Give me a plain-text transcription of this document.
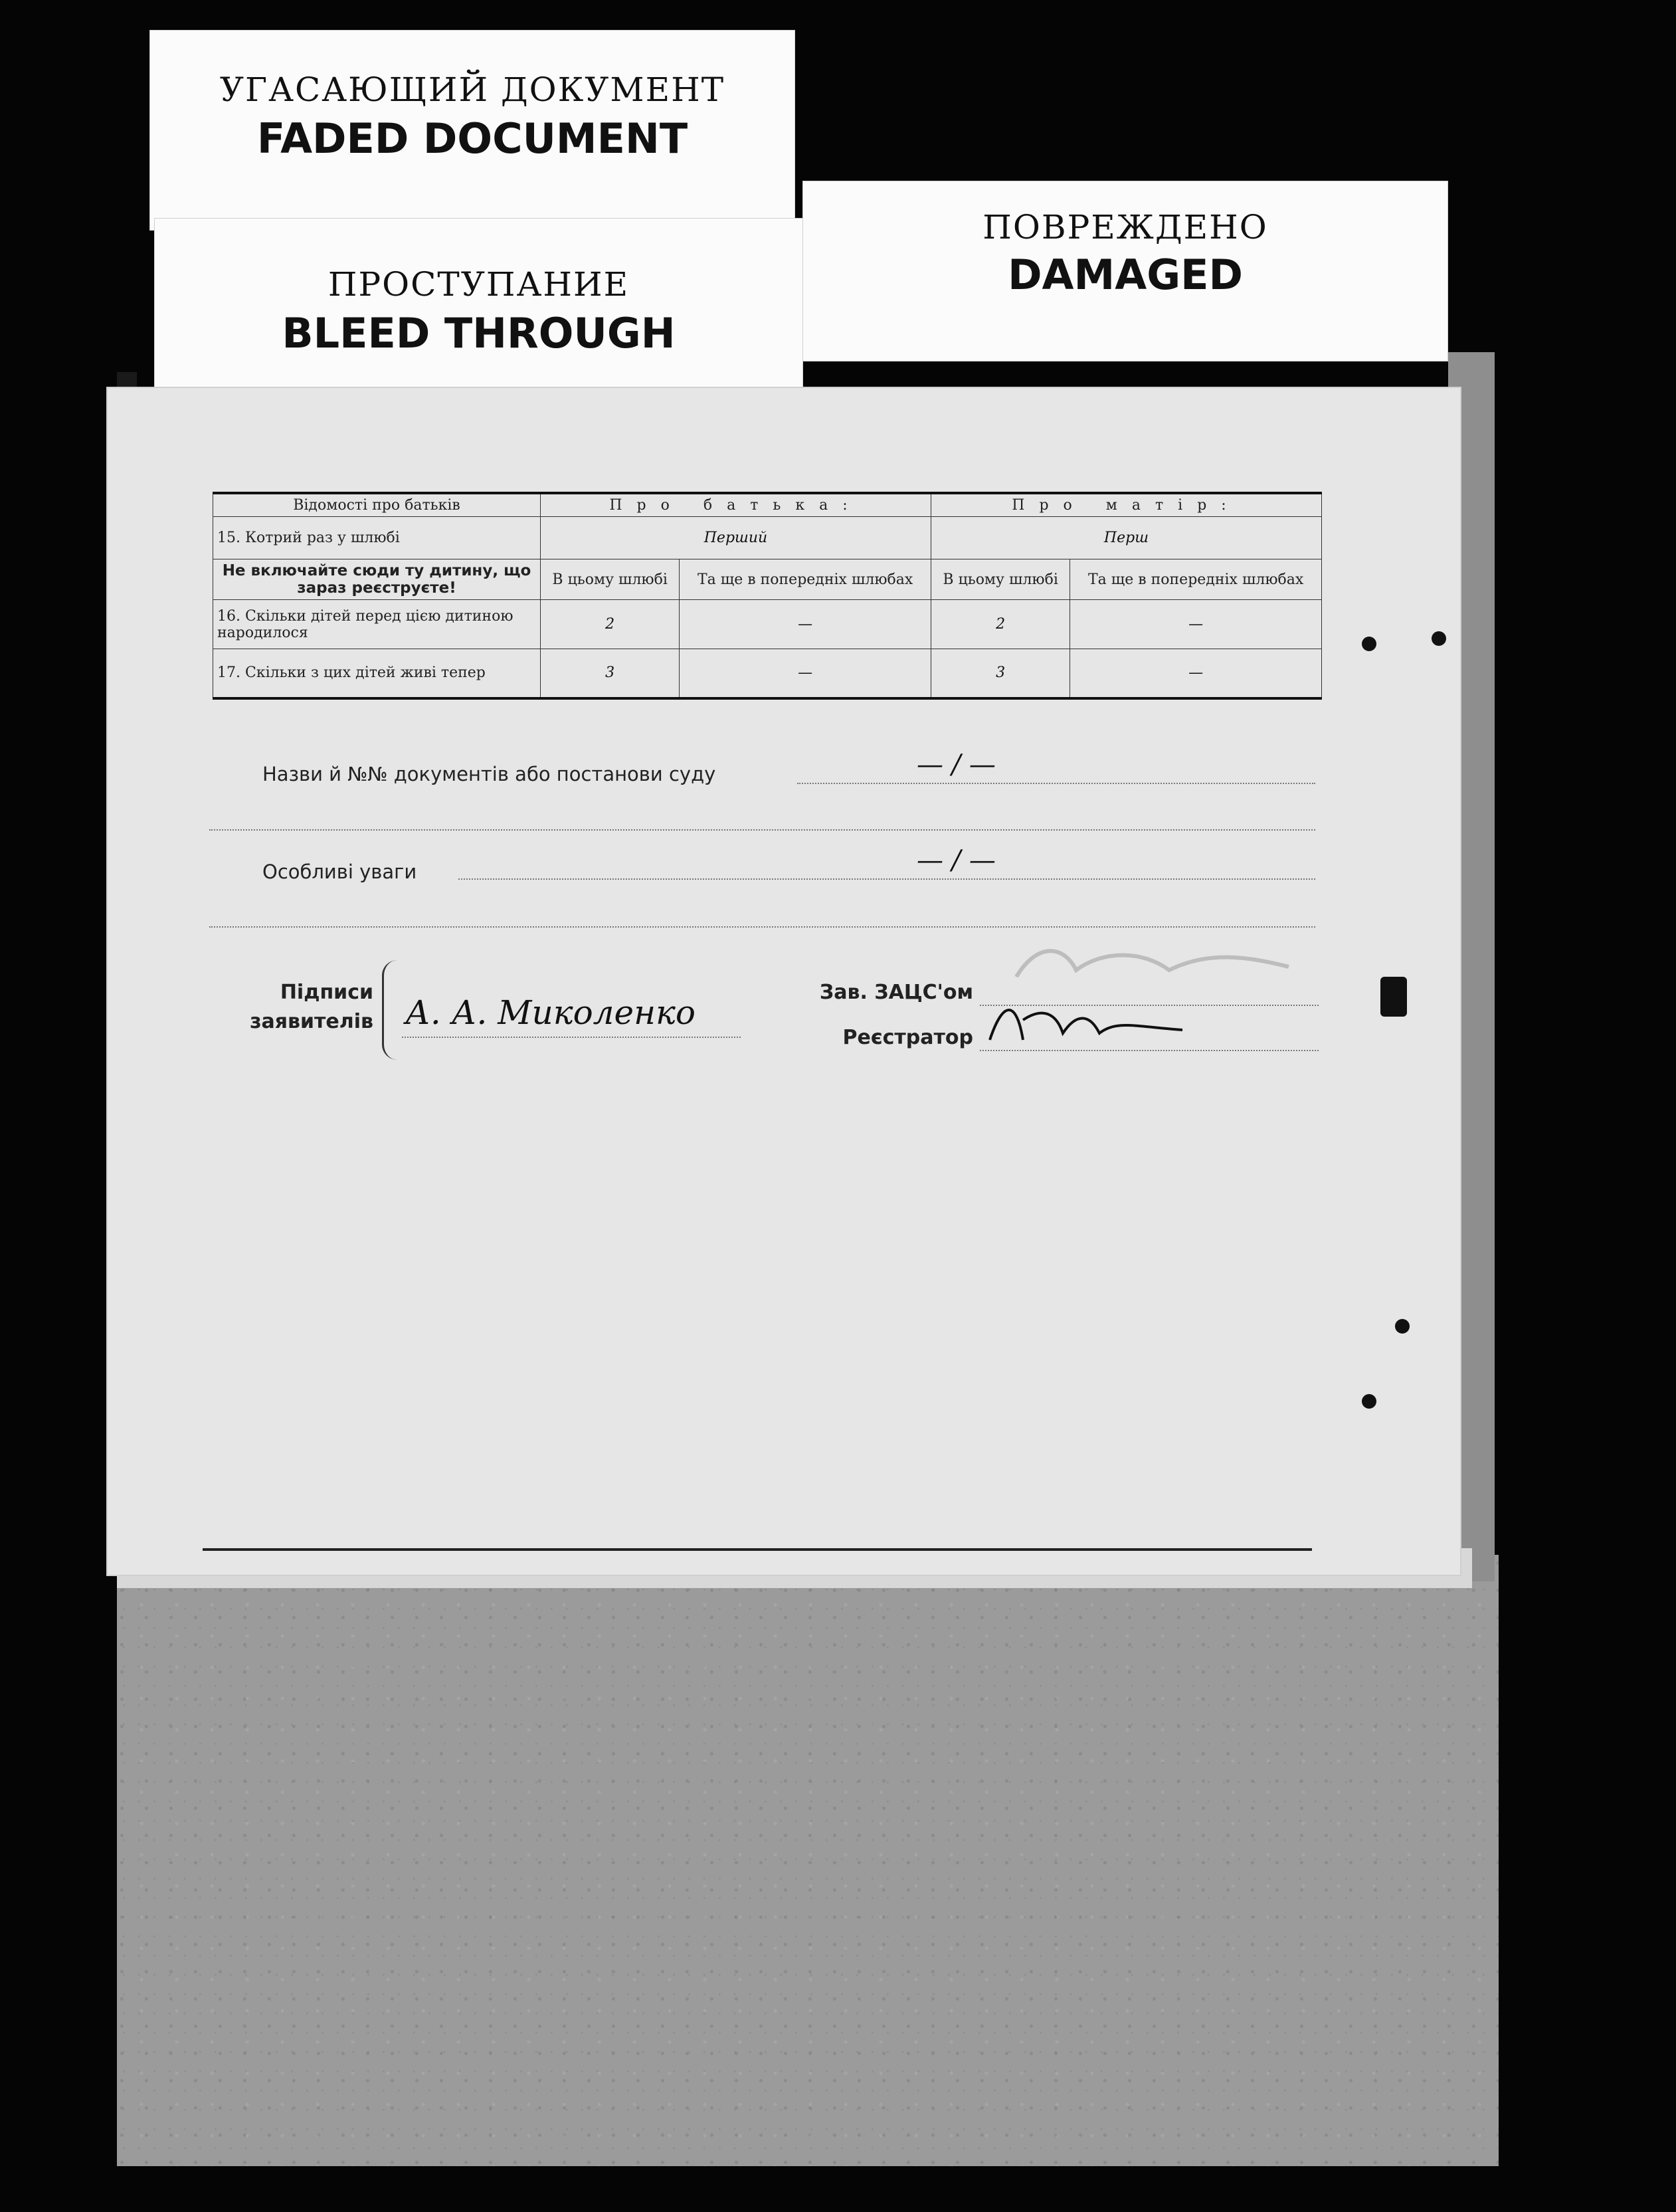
УГАСАЮЩИЙ ДОКУМЕНТ
FADED DOCUMENT
ПОВРЕЖДЕНО
DAMAGED
ПРОСТУПАНИЕ
BLEED THROUGH
Відомості про батьків	Про батька:		Про матір:	
15. Котрий раз у шлюбі	Перший		Перш	
Не включайте сюди ту дитину, що зараз реєструєте!	В цьому шлюбі	Та ще в попередніх шлюбах	В цьому шлюбі	Та ще в попередніх шлюбах
16. Скільки дітей перед цією дитиною народилося	2	—	2	—
17. Скільки з цих дітей живі тепер	3	—	3	—
Назви й №№ документів або постанови суду	— / —
Особливі уваги	— / —
Підписи
заявителів А. А. Миколенко
Зав. ЗАЦС'ом
Реєстратор
